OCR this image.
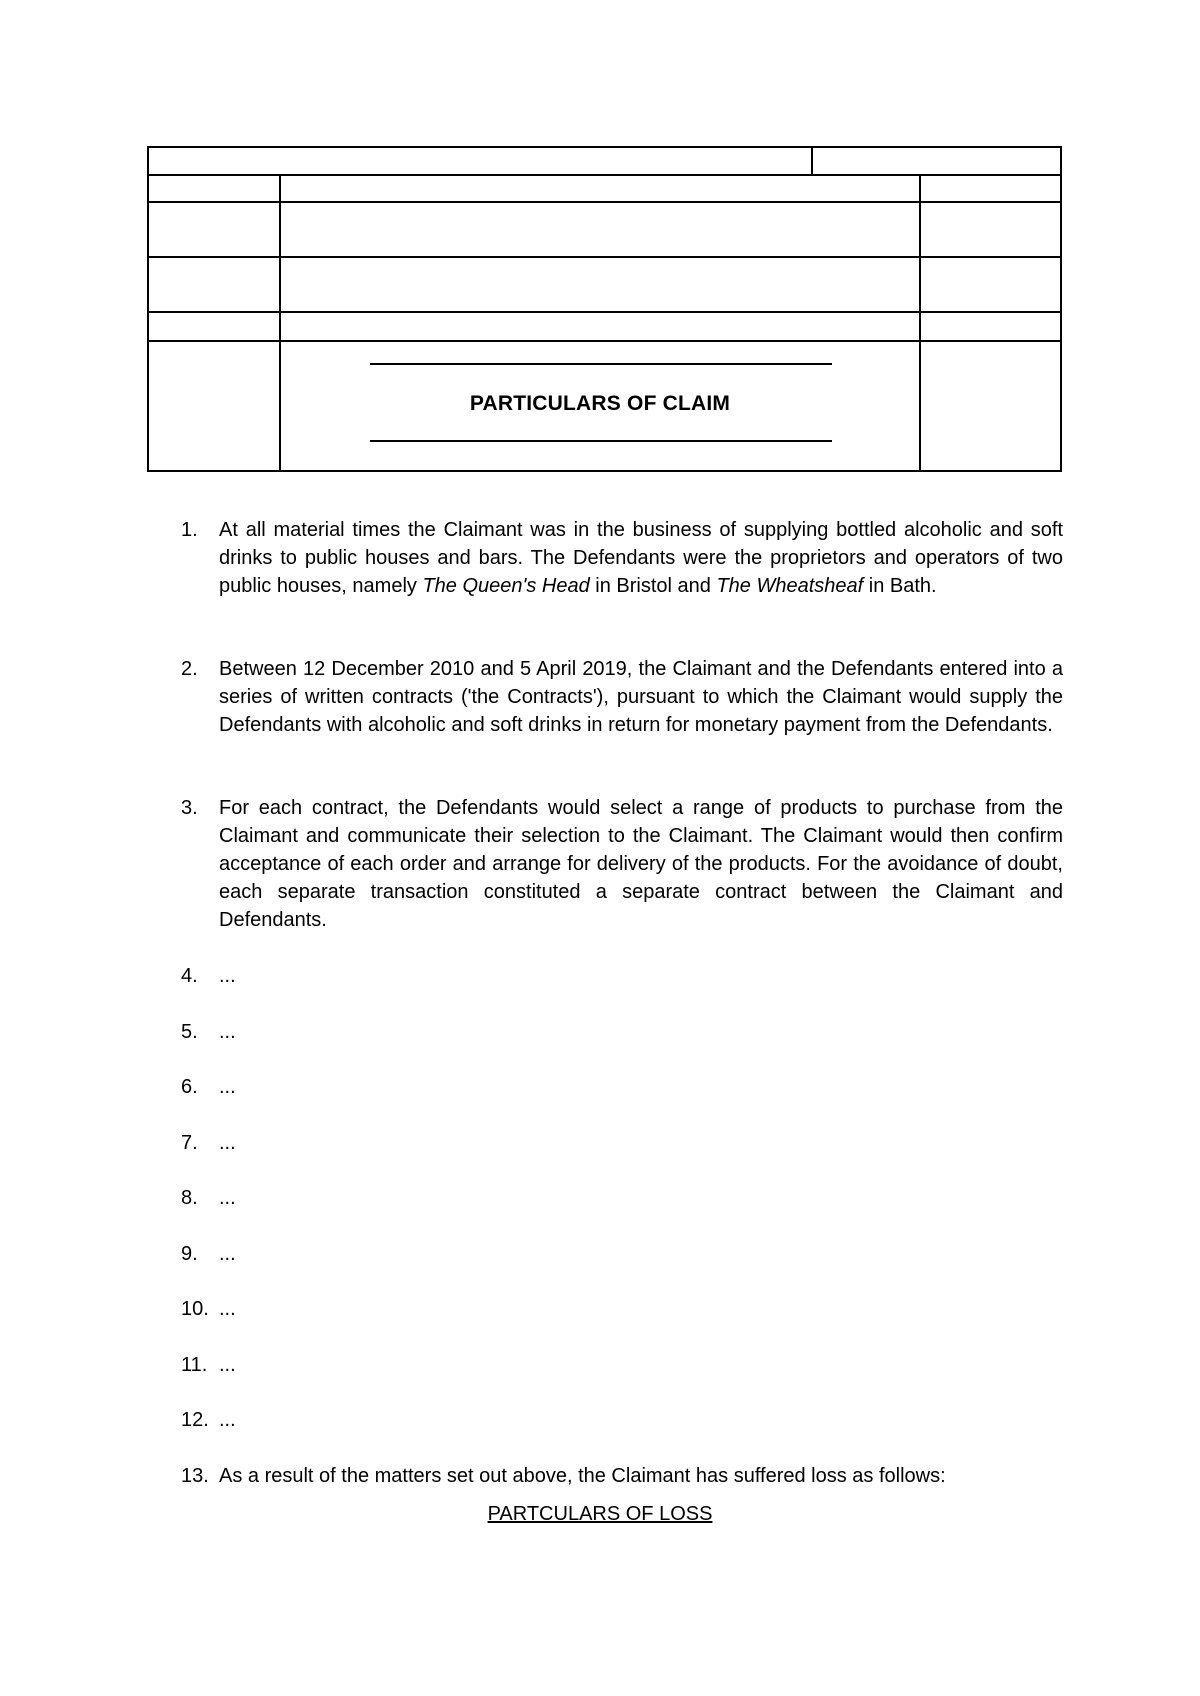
PARTICULARS OF CLAIM
1.	At all material times the Claimant was in the business of supplying bottled alcoholic and soft drinks to public houses and bars. The Defendants were the proprietors and operators of two public houses, namely The Queen's Head in Bristol and The Wheatsheaf in Bath.
2.	Between 12 December 2010 and 5 April 2019, the Claimant and the Defendants entered into a series of written contracts ('the Contracts'), pursuant to which the Claimant would supply the Defendants with alcoholic and soft drinks in return for monetary payment from the Defendants.
3.	For each contract, the Defendants would select a range of products to purchase from the Claimant and communicate their selection to the Claimant. The Claimant would then confirm acceptance of each order and arrange for delivery of the products. For the avoidance of doubt, each separate transaction constituted a separate contract between the Claimant and Defendants.
4.	...
5.	...
6.	...
7.	...
8.	...
9.	...
10. ...
11. ...
12. ...
13. As a result of the matters set out above, the Claimant has suffered loss as follows:
PARTCULARS OF LOSS
